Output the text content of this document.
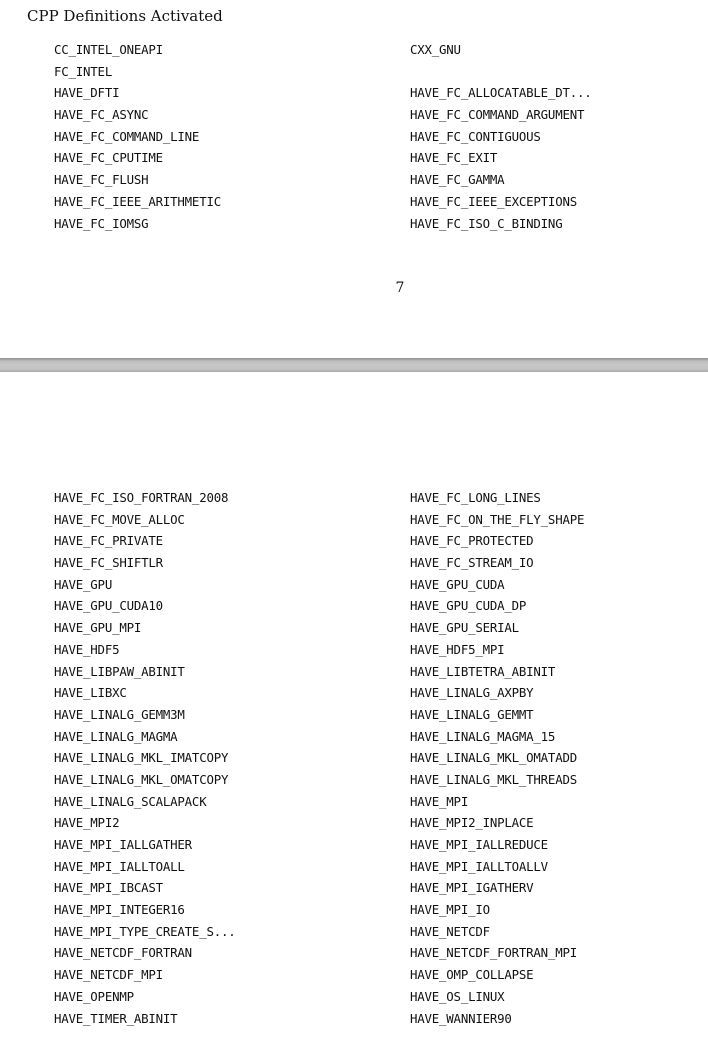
CPP Definitions Activated
CC_INTEL_ONEAPI
FC_INTEL
HAVE_DFTI
HAVE_FC_ASYNC
HAVE_FC_COMMAND_LINE
HAVE_FC_CPUTIME
HAVE_FC_FLUSH
HAVE_FC_IEEE_ARITHMETIC
HAVE_FC_IOMSG
CXX_GNU
HAVE_FC_ALLOCATABLE_DT...
HAVE_FC_COMMAND_ARGUMENT
HAVE_FC_CONTIGUOUS
HAVE_FC_EXIT
HAVE_FC_GAMMA
HAVE_FC_IEEE_EXCEPTIONS
HAVE_FC_ISO_C_BINDING
7
HAVE_FC_ISO_FORTRAN_2008
HAVE_FC_MOVE_ALLOC
HAVE_FC_PRIVATE
HAVE_FC_SHIFTLR
HAVE_GPU
HAVE_GPU_CUDA10
HAVE_GPU_MPI
HAVE_HDF5
HAVE_LIBPAW_ABINIT
HAVE_LIBXC
HAVE_LINALG_GEMM3M
HAVE_LINALG_MAGMA
HAVE_LINALG_MKL_IMATCOPY
HAVE_LINALG_MKL_OMATCOPY
HAVE_LINALG_SCALAPACK
HAVE_MPI2
HAVE_MPI_IALLGATHER
HAVE_MPI_IALLTOALL
HAVE_MPI_IBCAST
HAVE_MPI_INTEGER16
HAVE_MPI_TYPE_CREATE_S...
HAVE_NETCDF_FORTRAN
HAVE_NETCDF_MPI
HAVE_OPENMP
HAVE_TIMER_ABINIT
HAVE_FC_LONG_LINES
HAVE_FC_ON_THE_FLY_SHAPE
HAVE_FC_PROTECTED
HAVE_FC_STREAM_IO
HAVE_GPU_CUDA
HAVE_GPU_CUDA_DP
HAVE_GPU_SERIAL
HAVE_HDF5_MPI
HAVE_LIBTETRA_ABINIT
HAVE_LINALG_AXPBY
HAVE_LINALG_GEMMT
HAVE_LINALG_MAGMA_15
HAVE_LINALG_MKL_OMATADD
HAVE_LINALG_MKL_THREADS
HAVE_MPI
HAVE_MPI2_INPLACE
HAVE_MPI_IALLREDUCE
HAVE_MPI_IALLTOALLV
HAVE_MPI_IGATHERV
HAVE_MPI_IO
HAVE_NETCDF
HAVE_NETCDF_FORTRAN_MPI
HAVE_OMP_COLLAPSE
HAVE_OS_LINUX
HAVE_WANNIER90
